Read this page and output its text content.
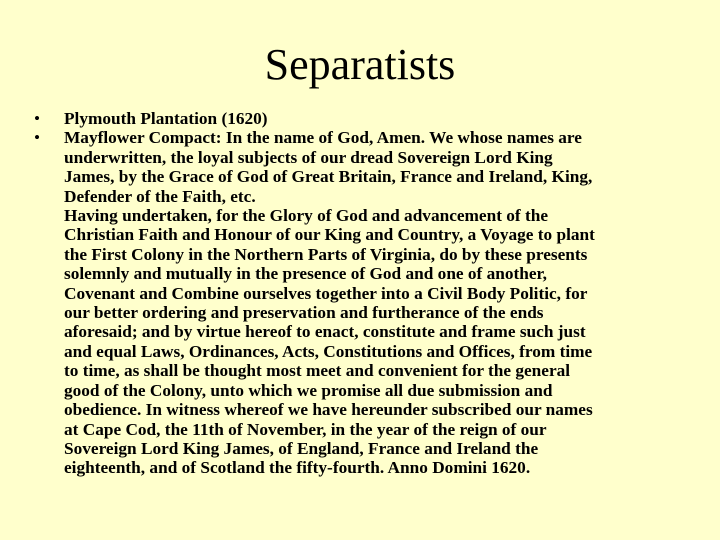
Separatists
•	Plymouth Plantation (1620)
•	Mayflower Compact: In the name of God, Amen. We whose names are
underwritten, the loyal subjects of our dread Sovereign Lord King
James, by the Grace of God of Great Britain, France and Ireland, King,
Defender of the Faith, etc.
Having undertaken, for the Glory of God and advancement of the
Christian Faith and Honour of our King and Country, a Voyage to plant
the First Colony in the Northern Parts of Virginia, do by these presents
solemnly and mutually in the presence of God and one of another,
Covenant and Combine ourselves together into a Civil Body Politic, for
our better ordering and preservation and furtherance of the ends
aforesaid; and by virtue hereof to enact, constitute and frame such just
and equal Laws, Ordinances, Acts, Constitutions and Offices, from time
to time, as shall be thought most meet and convenient for the general
good of the Colony, unto which we promise all due submission and
obedience. In witness whereof we have hereunder subscribed our names
at Cape Cod, the 11th of November, in the year of the reign of our
Sovereign Lord King James, of England, France and Ireland the
eighteenth, and of Scotland the fifty-fourth. Anno Domini 1620.
